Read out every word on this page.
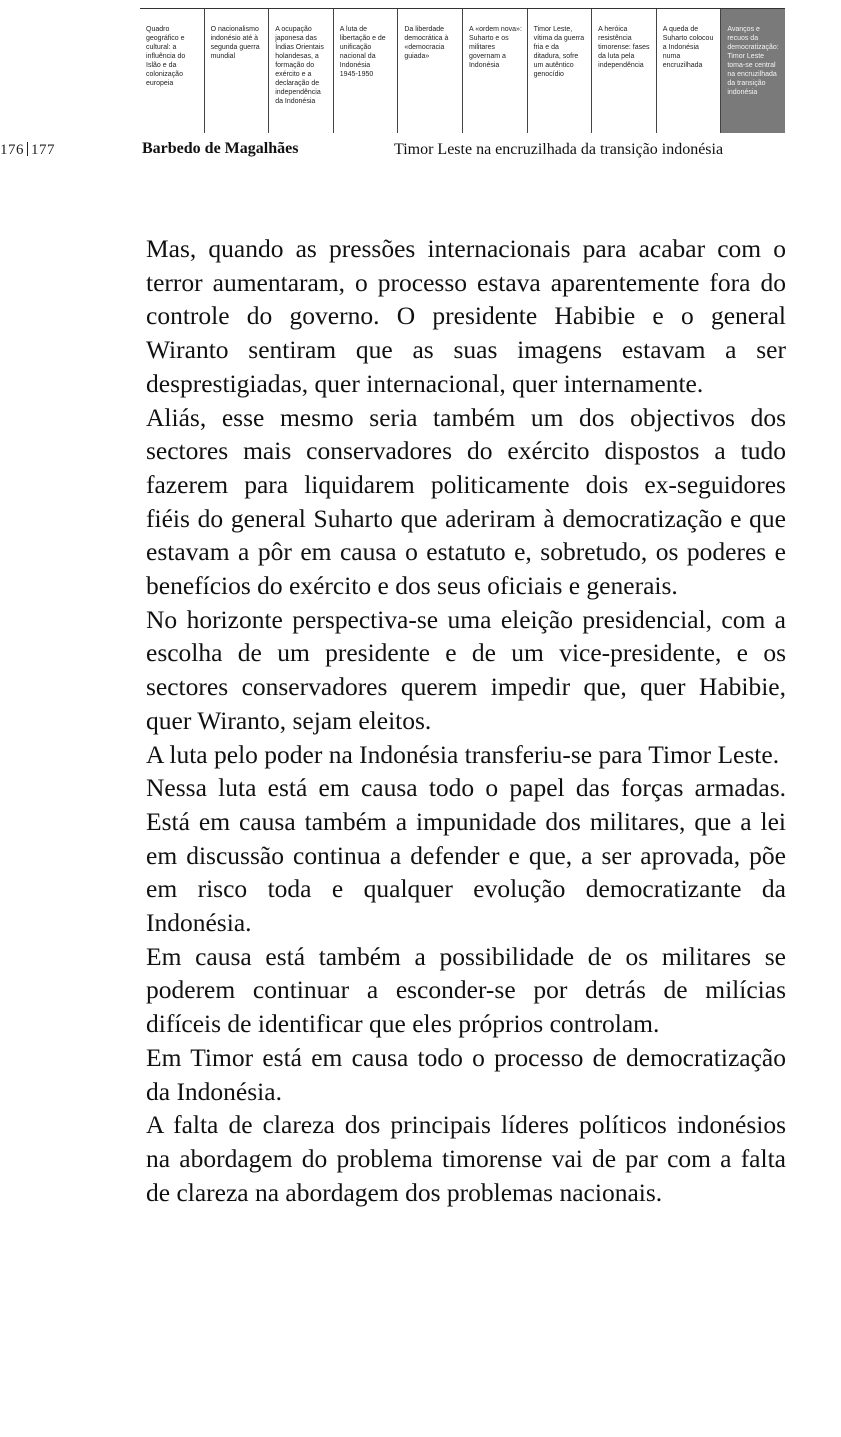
Quadro
geográfico e
cultural: a
influência do
Islão e da
colonização
europeia
O nacionalismo
indonésio até à
segunda guerra
mundial
A ocupação
japonesa das
Índias Orientais
holandesas, a
formação do
exército e a
declaração de
independência
da Indonésia
A luta de
libertação e de
unificação
nacional da
Indonésia
1945-1950
Da liberdade
democrática à
«democracia
guiada»
A «ordem nova»:
Suharto e os
militares
governam a
Indonésia
Timor Leste,
vítima da guerra
fria e da
ditadura, sofre
um autêntico
genocídio
A heróica
resistência
timorense: fases
da luta pela
independência
A queda de
Suharto colocou
a Indonésia
numa
encruzilhada
Avanços e
recuos da
democratização:
Timor Leste
toma-se central
na encruzilhada
da transição
indonésia
176 177	Barbedo de Magalhães	Timor Leste na encruzilhada da transição indonésia

Mas, quando as pressões internacionais para acabar com o terror aumentaram, o processo estava aparentemente fora do controle do governo. O presidente Habibie e o general Wiranto sentiram que as suas imagens estavam a ser desprestigiadas, quer internacional, quer internamente.

Aliás, esse mesmo seria também um dos objectivos dos sectores mais conservadores do exército dispostos a tudo fazerem para liquidarem politicamente dois ex-seguidores fiéis do general Suharto que aderiram à democratização e que estavam a pôr em causa o estatuto e, sobretudo, os poderes e benefícios do exército e dos seus oficiais e generais.

No horizonte perspectiva-se uma eleição presidencial, com a escolha de um presidente e de um vice-presidente, e os sectores conservadores querem impedir que, quer Habibie, quer Wiranto, sejam eleitos.

A luta pelo poder na Indonésia transferiu-se para Timor Leste.

Nessa luta está em causa todo o papel das forças armadas. Está em causa também a impunidade dos militares, que a lei em discussão continua a defender e que, a ser aprovada, põe em risco toda e qualquer evolução democratizante da Indonésia.

Em causa está também a possibilidade de os militares se poderem continuar a esconder-se por detrás de milícias difíceis de identificar que eles próprios controlam.

Em Timor está em causa todo o processo de democratização da Indonésia.

A falta de clareza dos principais líderes políticos indonésios na abordagem do problema timorense vai de par com a falta de clareza na abordagem dos problemas nacionais.
